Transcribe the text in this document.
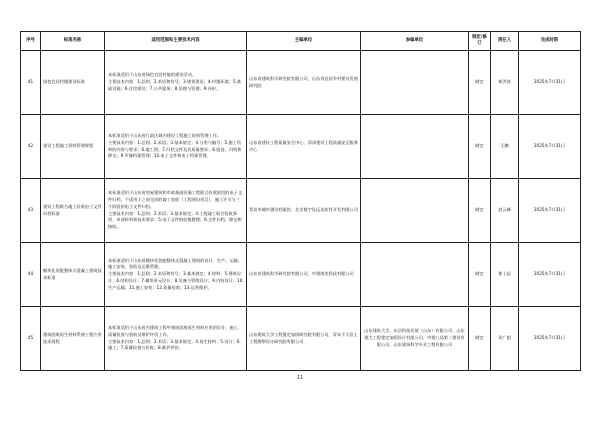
序号	标准名称	适用范围和主要技术内容	主编单位	参编单位	制定/修订	责任人	完成时限
41	绿色宜居村镇建设标准	本标准适用于山东省绿色宜居村镇的建设活动。
主要技术内容：1.总则；2.术语和符号；3.规划建设；4.村镇环境；5.基础设施；6.住房建设；7.公共服务；8.治理与管理；9.评价。	山东省建筑科学研究院有限公司、山东省宜居乡村建设发展研究院		制定	崔洪涛	2025年7月31日
42	建设工程施工资料管理规程	本标准适用于山东省行政区域内建设工程施工资料管理工作。
主要技术内容：1.总则；2.术语；3.基本规定；4.分类与编号；5.施工资料的内容与要求；6.竣工图；7.归档文件及其质量要求；8.组卷、归档和移交；9.声像档案管理；10.电子文件和电子档案管理。	山东省建设工程质量安全中心、菏泽建设工程质量安全服务中心		制定	王鹏	2025年7月31日
43	建设工程联合竣工验收电子文件归档标准	本标准适用于山东省房屋建筑和市政基础设施工程联合验收阶段的电子文件归档，不适用于之前完成的竣工验收（工程建设项目）、施工许可与三个阶段的电子文件归档。
主要技术内容：1.总则；2.术语；3.基本规定；4.工程竣工联合验收事项、申请材料和技术要求；5.电子文件的收集整理；6.文件归档、移交和接收。	青岛市城市建设档案馆、北京数字化远达软件开发有限公司		制定	赵云峰	2025年7月31日
44	模块化装配整体式混凝土建筑技术标准	本标准适用于山东省模块化装配整体式混凝土建筑的设计、生产、运输、施工安装、验收及运维管理。
主要技术内容：1.总则；2.术语和符号；3.基本规定；4.材料；5.建筑设计；6.结构设计；7.模块单元设计；8.设备与管线设计；9.内装设计；10.生产运输；11.施工安装；12.质量验收；13.运营维护。	山东省建筑科学研究院有限公司、中建海龙科技有限公司		制定	崔士起	2025年7月31日
45	建筑固废再生材料系统工程应用技术规程	本标准适用于山东省内建筑工程中建筑固废再生材料应用的设计、施工、质量检查与验收及维护评价工作。
主要技术内容：1.总则；2.术语；3.基本规定；4.再生材料；5.设计；6.施工；7.质量检查与验收；8.维护评价。	山东建筑大学工程鉴定加固研究院有限公司、青岛不大岩土工程勘察设计研究院有限公司	山东建筑大学、东岳科技发展（山东）有限公司、山东建大工程鉴定加固设计有限公司、中建八局第二建设有限公司、山东建筑科学专业工程有限公司	制定	邓广超	2025年7月31日
11
